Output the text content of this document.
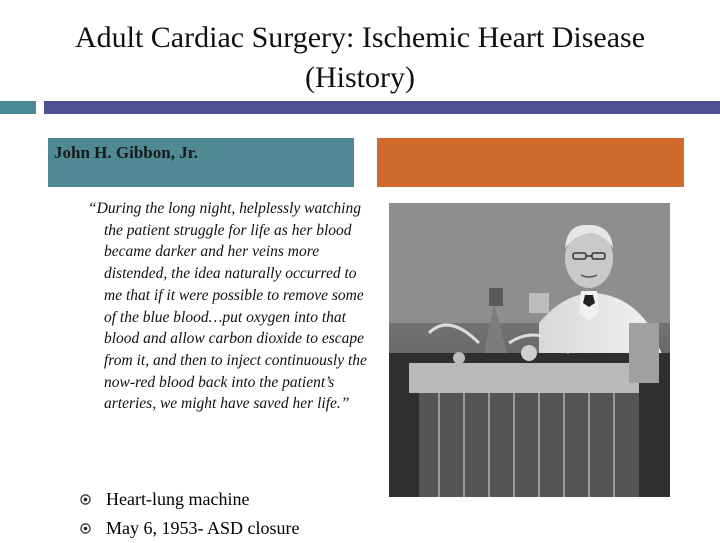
Adult Cardiac Surgery: Ischemic Heart Disease
(History)
John H. Gibbon, Jr.
“During the long night, helplessly watching the patient struggle for life as her blood became darker and her veins more distended, the idea naturally occurred to me that if it were possible to remove some of the blue blood…put oxygen into that blood and allow carbon dioxide to escape from it, and then to inject continuously the now-red blood back into the patient’s arteries, we might have saved her life.”
Heart-lung machine
May 6, 1953- ASD closure
